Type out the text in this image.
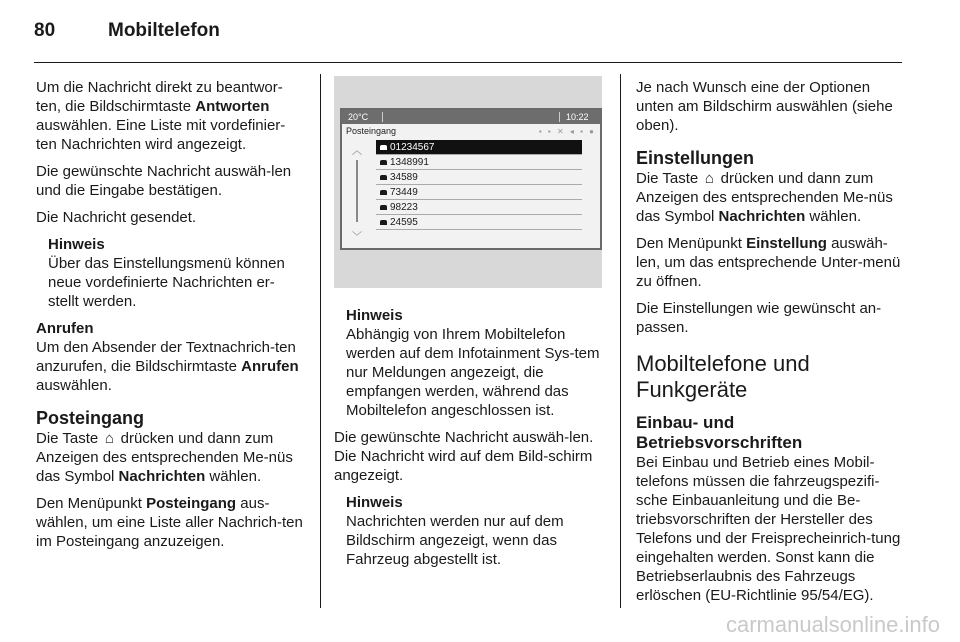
80	Mobiltelefon

Um die Nachricht direkt zu beantwor-ten, die Bildschirmtaste Antworten auswählen. Eine Liste mit vordefinier-ten Nachrichten wird angezeigt.

Die gewünschte Nachricht auswäh-len und die Eingabe bestätigen.

Die Nachricht gesendet.

Hinweis
Über das Einstellungsmenü können neue vordefinierte Nachrichten er-stellt werden.
Anrufen

Um den Absender der Textnachrich-ten anzurufen, die Bildschirmtaste Anrufen auswählen.

Posteingang

Die Taste ⌂ drücken und dann zum Anzeigen des entsprechenden Me-nüs das Symbol Nachrichten wählen.

Den Menüpunkt Posteingang aus-wählen, um eine Liste aller Nachrich-ten im Posteingang anzuzeigen.

20°C	10:22
Posteingang	▪ ▪ ✕ ◂ ▪ ●
︿
﹀
01234567
1348991
34589
73449
98223
24595
Hinweis
Abhängig von Ihrem Mobiltelefon werden auf dem Infotainment Sys-tem nur Meldungen angezeigt, die empfangen werden, während das Mobiltelefon angeschlossen ist.

Die gewünschte Nachricht auswäh-len. Die Nachricht wird auf dem Bild-schirm angezeigt.

Hinweis
Nachrichten werden nur auf dem Bildschirm angezeigt, wenn das Fahrzeug abgestellt ist.

Je nach Wunsch eine der Optionen unten am Bildschirm auswählen (siehe oben).

Einstellungen

Die Taste ⌂ drücken und dann zum Anzeigen des entsprechenden Me-nüs das Symbol Nachrichten wählen.

Den Menüpunkt Einstellung auswäh-len, um das entsprechende Unter-menü zu öffnen.

Die Einstellungen wie gewünscht an-passen.

Mobiltelefone und Funkgeräte
Einbau- und Betriebsvorschriften

Bei Einbau und Betrieb eines Mobil-telefons müssen die fahrzeugspezifi-sche Einbauanleitung und die Be-triebsvorschriften der Hersteller des Telefons und der Freisprecheinrich-tung eingehalten werden. Sonst kann die Betriebserlaubnis des Fahrzeugs erlöschen (EU-Richtlinie 95/54/EG).

carmanualsonline.info
